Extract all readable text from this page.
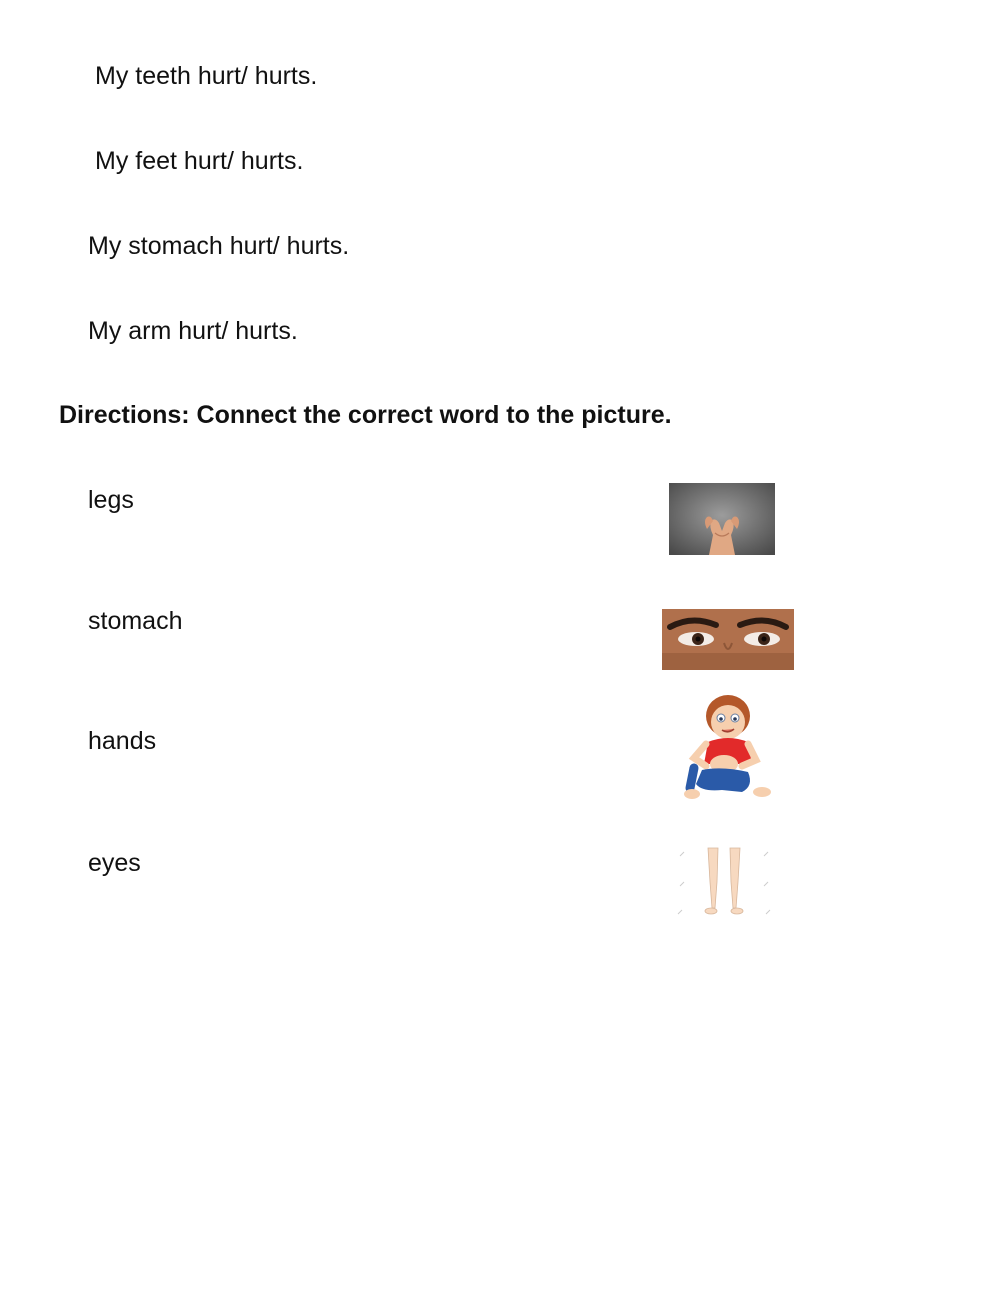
My teeth hurt/ hurts.
My feet hurt/ hurts.
My stomach hurt/ hurts.
My arm hurt/ hurts.
Directions: Connect the correct word to the picture.
legs
stomach
hands
eyes
